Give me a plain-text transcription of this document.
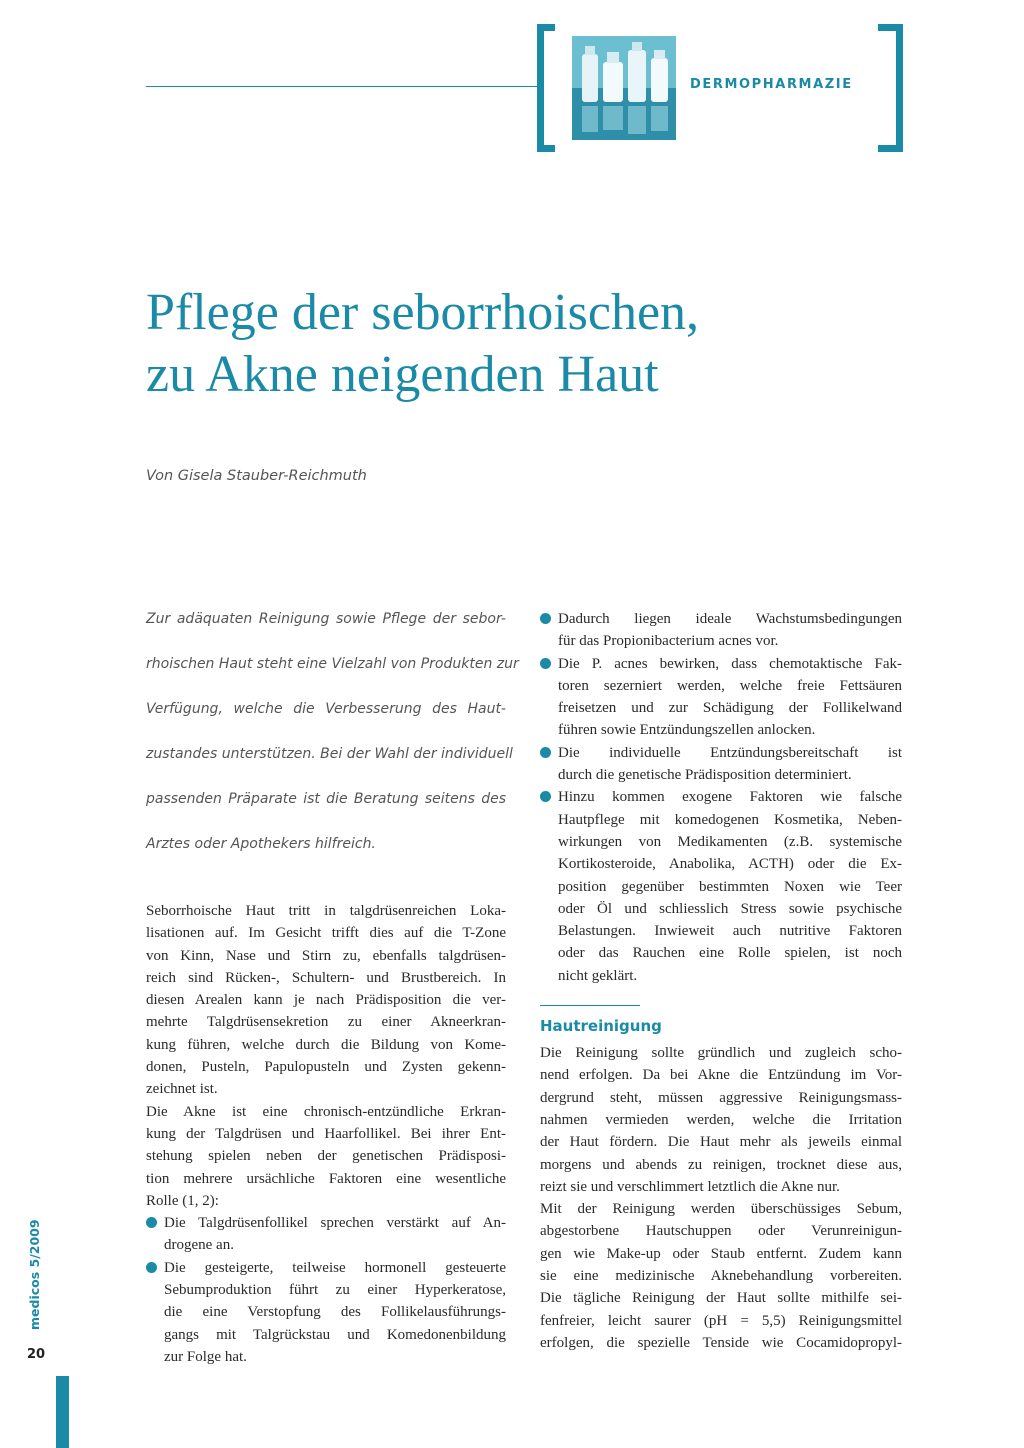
DERMOPHARMAZIE
Pflege der seborrhoischen,
zu Akne neigenden Haut
Von Gisela Stauber-Reichmuth
Zur adäquaten Reinigung sowie Pflege der sebor-
rhoischen Haut steht eine Vielzahl von Produkten zur
Verfügung, welche die Verbesserung des Haut-
zustandes unterstützen. Bei der Wahl der individuell
passenden Präparate ist die Beratung seitens des
Arztes oder Apothekers hilfreich.

Seborrhoische Haut tritt in talgdrüsenreichen Loka-
lisationen auf. Im Gesicht trifft dies auf die T-Zone
von Kinn, Nase und Stirn zu, ebenfalls talgdrüsen-
reich sind Rücken-, Schultern- und Brustbereich. In
diesen Arealen kann je nach Prädisposition die ver-
mehrte Talgdrüsensekretion zu einer Akneerkran-
kung führen, welche durch die Bildung von Kome-
donen, Pusteln, Papulopusteln und Zysten gekenn-
zeichnet ist.

Die Akne ist eine chronisch-entzündliche Erkran-
kung der Talgdrüsen und Haarfollikel. Bei ihrer Ent-
stehung spielen neben der genetischen Prädisposi-
tion mehrere ursächliche Faktoren eine wesentliche
Rolle (1, 2):

Die Talgdrüsenfollikel sprechen verstärkt auf An-
drogene an.
Die gesteigerte, teilweise hormonell gesteuerte
Sebumproduktion führt zu einer Hyperkeratose,
die eine Verstopfung des Follikelausführungs-
gangs mit Talgrückstau und Komedonenbildung
zur Folge hat.
Dadurch liegen ideale Wachstumsbedingungen
für das Propionibacterium acnes vor.
Die P. acnes bewirken, dass chemotaktische Fak-
toren sezerniert werden, welche freie Fettsäuren
freisetzen und zur Schädigung der Follikelwand
führen sowie Entzündungszellen anlocken.
Die individuelle Entzündungsbereitschaft ist
durch die genetische Prädisposition determiniert.
Hinzu kommen exogene Faktoren wie falsche
Hautpflege mit komedogenen Kosmetika, Neben-
wirkungen von Medikamenten (z.B. systemische
Kortikosteroide, Anabolika, ACTH) oder die Ex-
position gegenüber bestimmten Noxen wie Teer
oder Öl und schliesslich Stress sowie psychische
Belastungen. Inwieweit auch nutritive Faktoren
oder das Rauchen eine Rolle spielen, ist noch
nicht geklärt.
Hautreinigung

Die Reinigung sollte gründlich und zugleich scho-
nend erfolgen. Da bei Akne die Entzündung im Vor-
dergrund steht, müssen aggressive Reinigungsmass-
nahmen vermieden werden, welche die Irritation
der Haut fördern. Die Haut mehr als jeweils einmal
morgens und abends zu reinigen, trocknet diese aus,
reizt sie und verschlimmert letztlich die Akne nur.

Mit der Reinigung werden überschüssiges Sebum,
abgestorbene Hautschuppen oder Verunreinigun-
gen wie Make-up oder Staub entfernt. Zudem kann
sie eine medizinische Aknebehandlung vorbereiten.
Die tägliche Reinigung der Haut sollte mithilfe sei-
fenfreier, leicht saurer (pH = 5,5) Reinigungsmittel
erfolgen, die spezielle Tenside wie Cocamidopropyl-

medicos 5/2009
20
